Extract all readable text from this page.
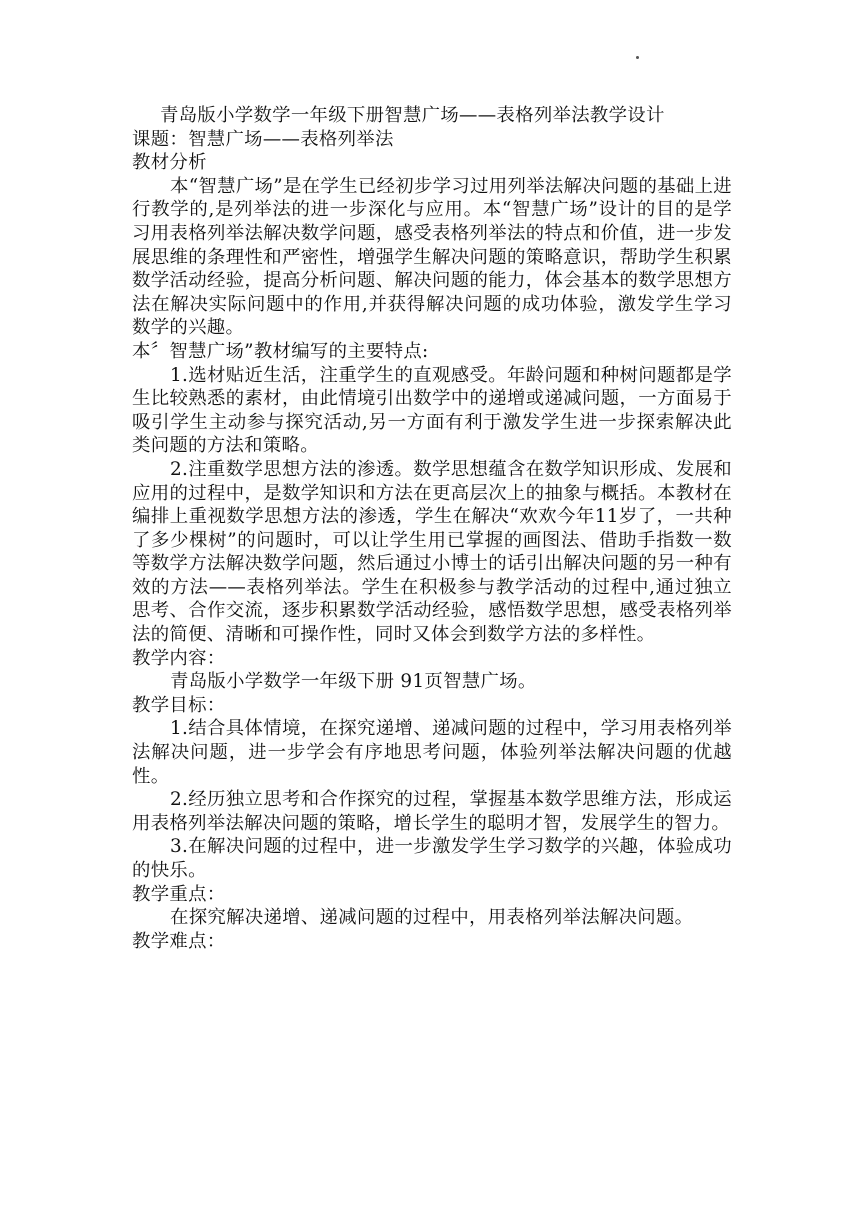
青岛版小学数学一年级下册智慧广场——表格列举法教学设计

课题：智慧广场——表格列举法

教材分析

本“智慧广场”是在学生已经初步学习过用列举法解决问题的基础上进行教学的,是列举法的进一步深化与应用。本“智慧广场”设计的目的是学习用表格列举法解决数学问题，感受表格列举法的特点和价值，进一步发展思维的条理性和严密性，增强学生解决问题的策略意识，帮助学生积累数学活动经验，提高分析问题、解决问题的能力，体会基本的数学思想方法在解决实际问题中的作用,并获得解决问题的成功体验，激发学生学习数学的兴趣。

本〞智慧广场”教材编写的主要特点:

1.选材贴近生活，注重学生的直观感受。年龄问题和种树问题都是学生比较熟悉的素材，由此情境引出数学中的递增或递减问题，一方面易于吸引学生主动参与探究活动,另一方面有利于激发学生进一步探索解决此类问题的方法和策略。

2.注重数学思想方法的渗透。数学思想蕴含在数学知识形成、发展和应用的过程中，是数学知识和方法在更高层次上的抽象与概括。本教材在编排上重视数学思想方法的渗透，学生在解决“欢欢今年11岁了，一共种了多少棵树”的问题时，可以让学生用已掌握的画图法、借助手指数一数等数学方法解决数学问题，然后通过小博士的话引出解决问题的另一种有效的方法——表格列举法。学生在积极参与教学活动的过程中,通过独立思考、合作交流，逐步积累数学活动经验，感悟数学思想，感受表格列举法的简便、清晰和可操作性，同时又体会到数学方法的多样性。

教学内容：

青岛版小学数学一年级下册 91页智慧广场。

教学目标：

1.结合具体情境，在探究递增、递减问题的过程中，学习用表格列举法解决问题，进一步学会有序地思考问题，体验列举法解决问题的优越性。

2.经历独立思考和合作探究的过程，掌握基本数学思维方法，形成运用表格列举法解决问题的策略，增长学生的聪明才智，发展学生的智力。

3.在解决问题的过程中，进一步激发学生学习数学的兴趣，体验成功的快乐。

教学重点：

在探究解决递增、递减问题的过程中，用表格列举法解决问题。

教学难点：
